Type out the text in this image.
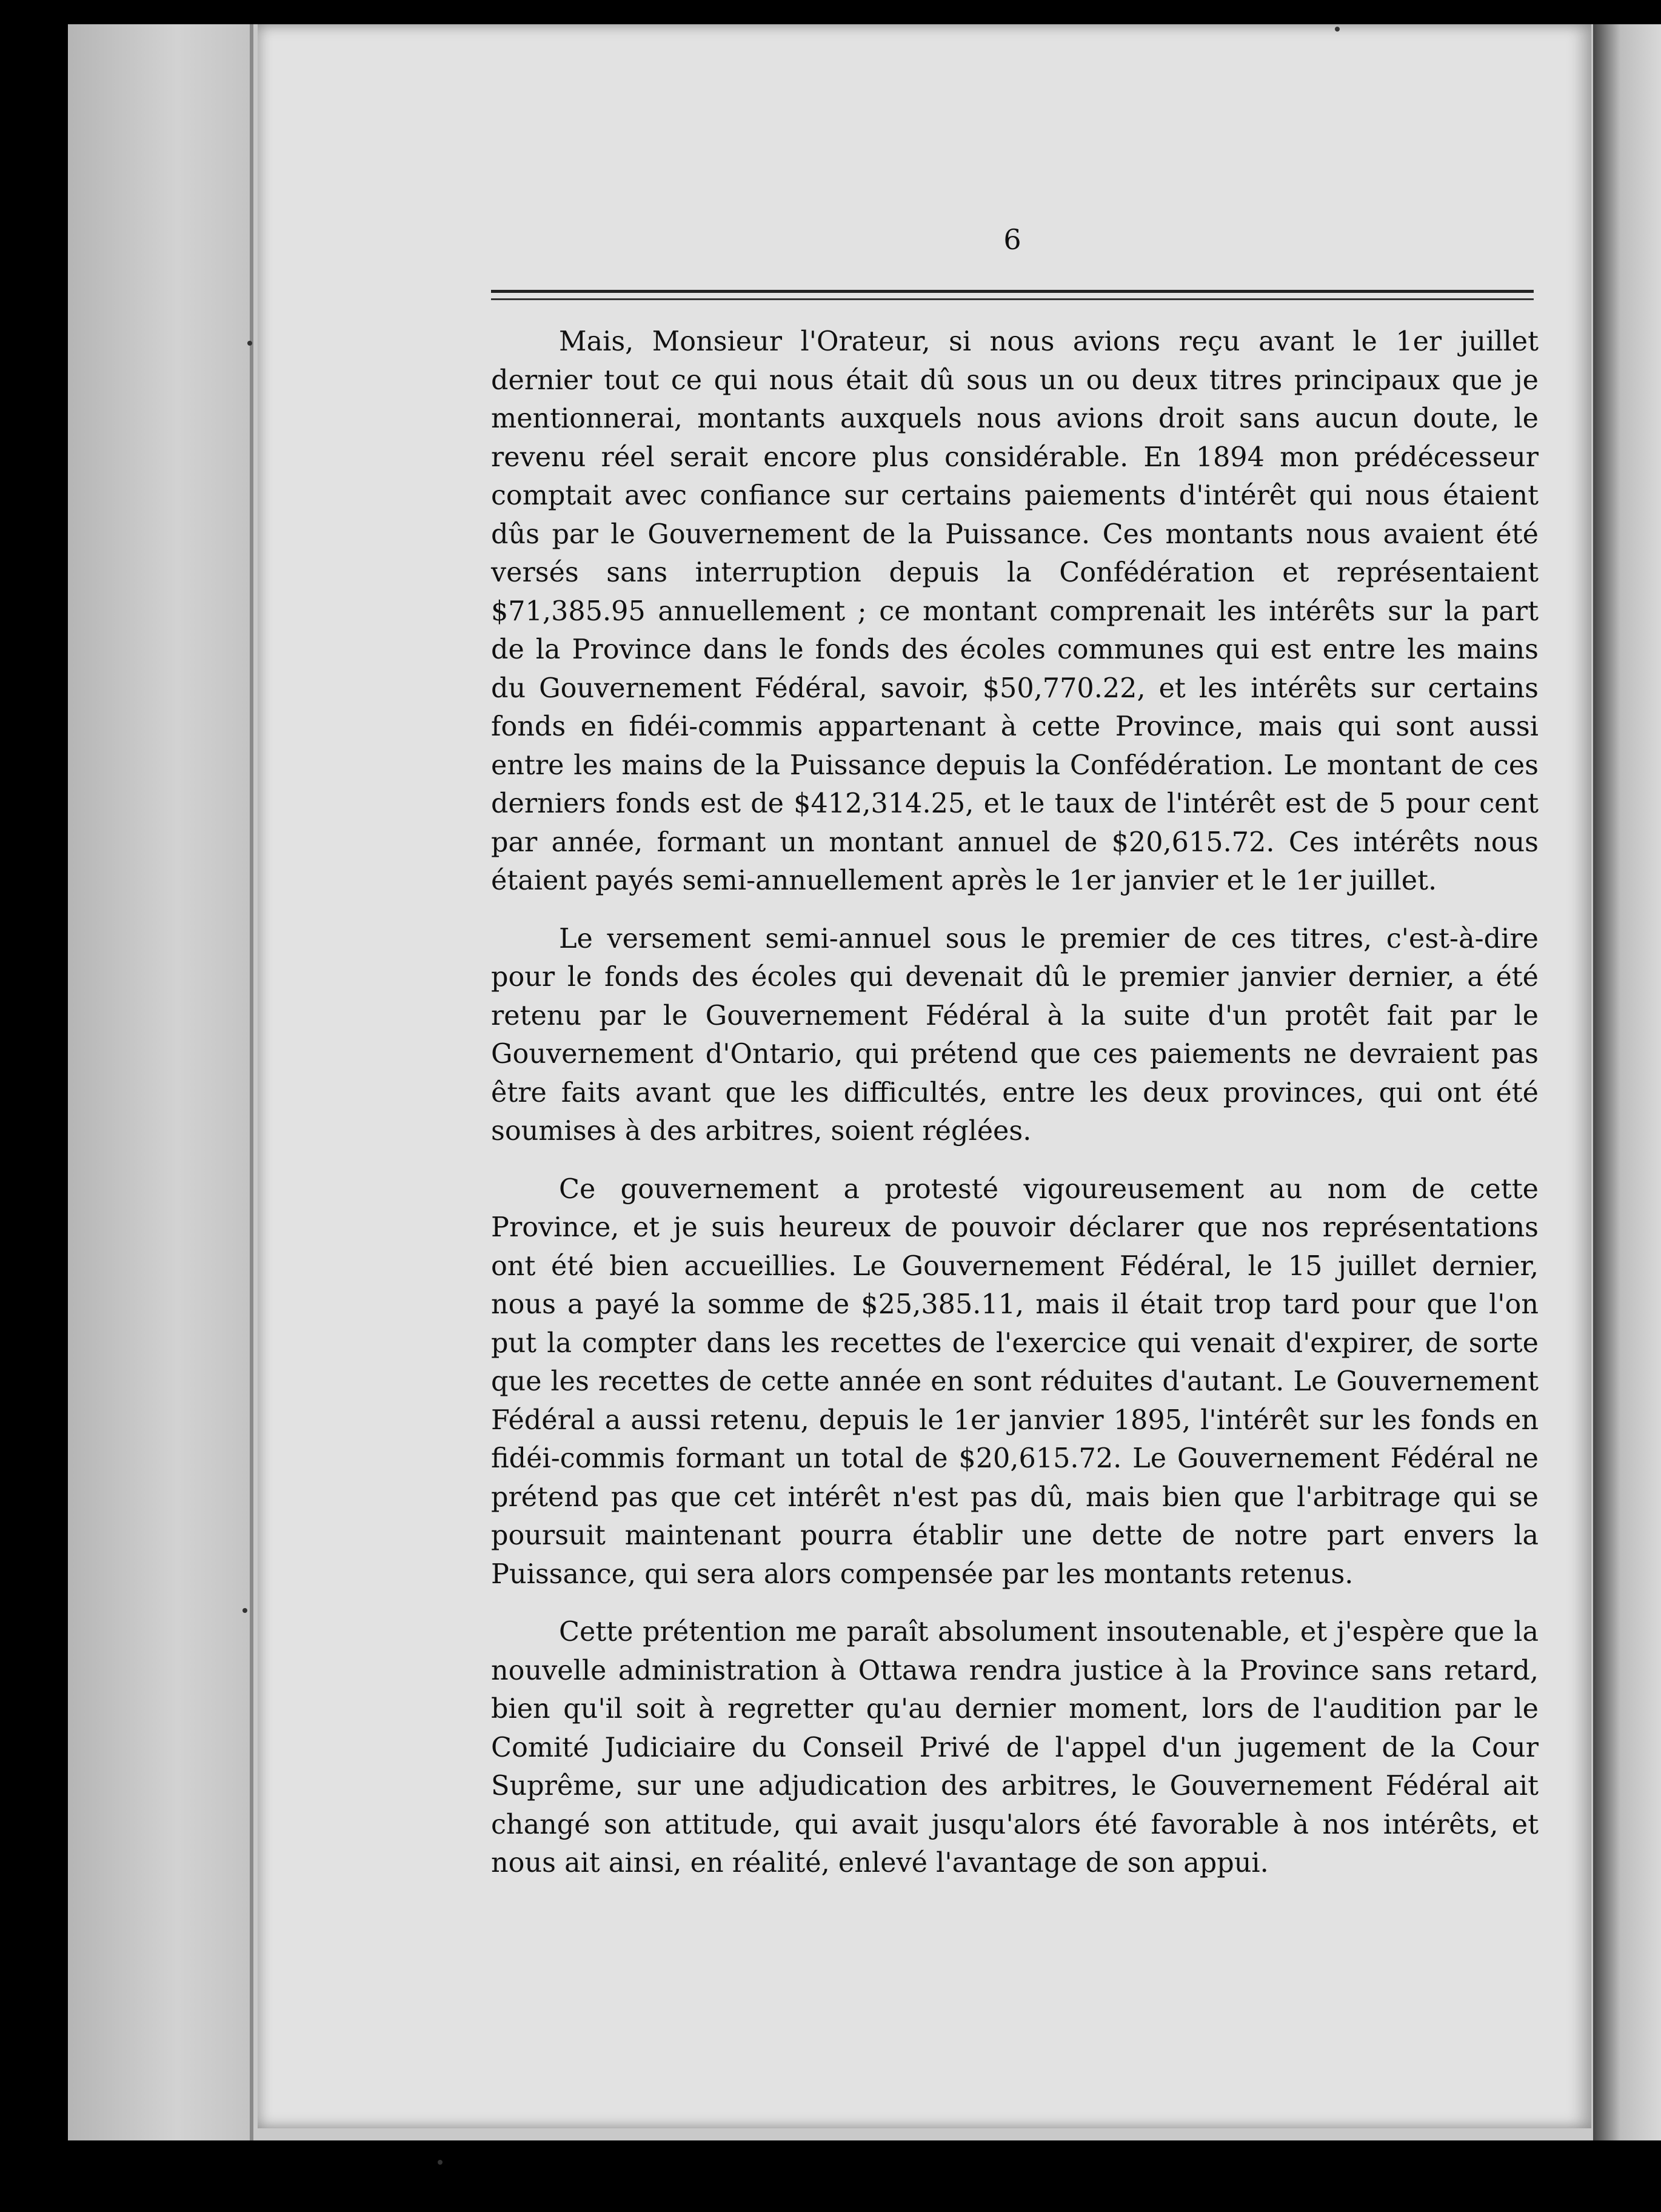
6

Mais, Monsieur l'Orateur, si nous avions reçu avant le 1er juillet dernier tout ce qui nous était dû sous un ou deux titres principaux que je mentionnerai, montants auxquels nous avions droit sans aucun doute, le revenu réel serait encore plus considérable. En 1894 mon prédécesseur comptait avec confiance sur certains paiements d'intérêt qui nous étaient dûs par le Gouvernement de la Puissance. Ces montants nous avaient été versés sans interruption depuis la Confédération et représentaient $71,385.95 annuellement ; ce montant comprenait les intérêts sur la part de la Province dans le fonds des écoles communes qui est entre les mains du Gouvernement Fédéral, savoir, $50,770.22, et les intérêts sur certains fonds en fidéi-commis appartenant à cette Province, mais qui sont aussi entre les mains de la Puissance depuis la Confédération. Le montant de ces derniers fonds est de $412,314.25, et le taux de l'intérêt est de 5 pour cent par année, formant un montant annuel de $20,615.72. Ces intérêts nous étaient payés semi-annuellement après le 1er janvier et le 1er juillet.

Le versement semi-annuel sous le premier de ces titres, c'est-à-dire pour le fonds des écoles qui devenait dû le premier janvier dernier, a été retenu par le Gouvernement Fédéral à la suite d'un protêt fait par le Gouvernement d'Ontario, qui prétend que ces paiements ne devraient pas être faits avant que les difficultés, entre les deux provinces, qui ont été soumises à des arbitres, soient réglées.

Ce gouvernement a protesté vigoureusement au nom de cette Province, et je suis heureux de pouvoir déclarer que nos représentations ont été bien accueillies. Le Gouvernement Fédéral, le 15 juillet dernier, nous a payé la somme de $25,385.11, mais il était trop tard pour que l'on put la compter dans les recettes de l'exercice qui venait d'expirer, de sorte que les recettes de cette année en sont réduites d'autant. Le Gouvernement Fédéral a aussi retenu, depuis le 1er janvier 1895, l'intérêt sur les fonds en fidéi-commis formant un total de $20,615.72. Le Gouvernement Fédéral ne prétend pas que cet intérêt n'est pas dû, mais bien que l'arbitrage qui se poursuit maintenant pourra établir une dette de notre part envers la Puissance, qui sera alors compensée par les montants retenus.

Cette prétention me paraît absolument insoutenable, et j'espère que la nouvelle administration à Ottawa rendra justice à la Province sans retard, bien qu'il soit à regretter qu'au dernier moment, lors de l'audition par le Comité Judiciaire du Conseil Privé de l'appel d'un jugement de la Cour Suprême, sur une adjudication des arbitres, le Gouvernement Fédéral ait changé son attitude, qui avait jusqu'alors été favorable à nos intérêts, et nous ait ainsi, en réalité, enlevé l'avantage de son appui.
